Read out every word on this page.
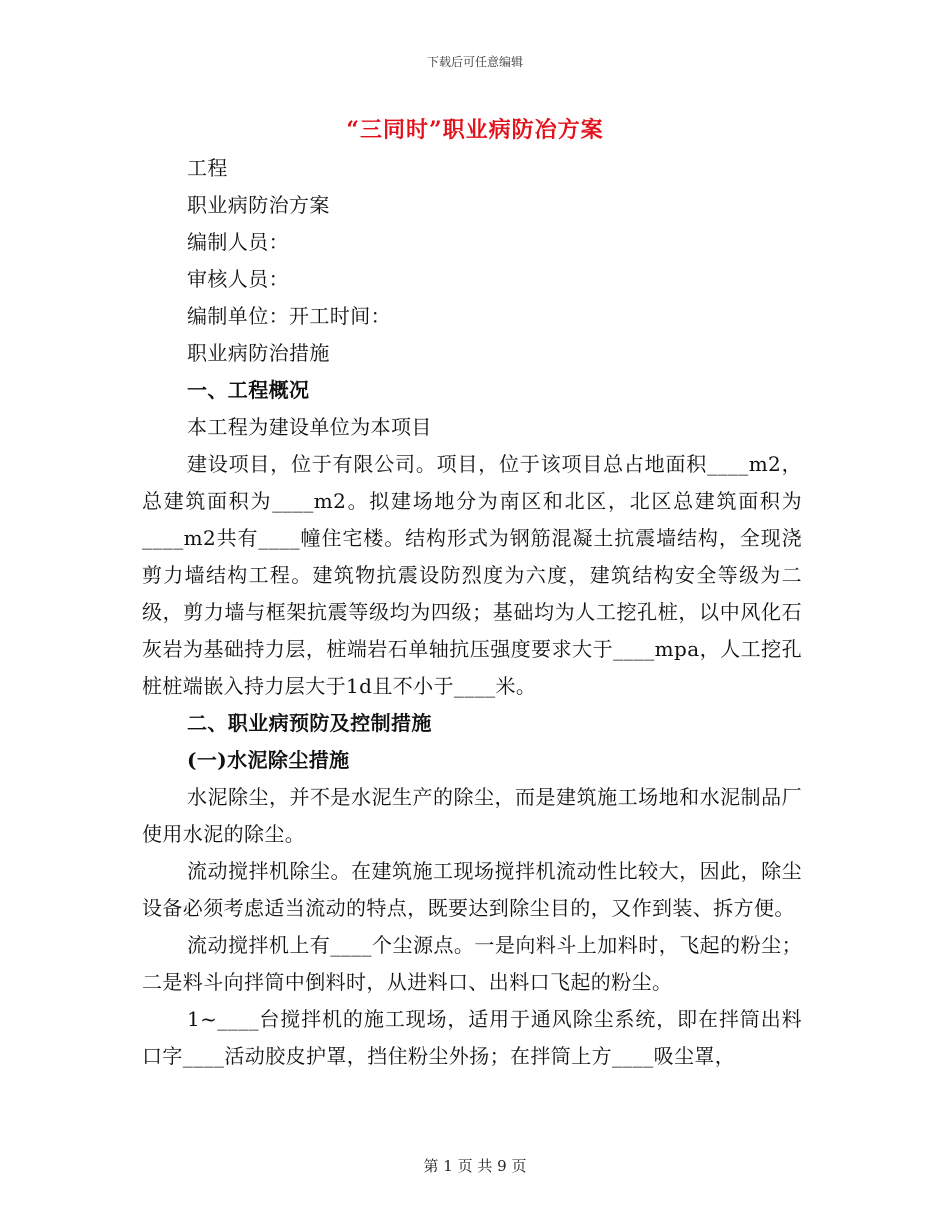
下载后可任意编辑
“三同时”职业病防冶方案

工程

职业病防治方案

编制人员：

审核人员：

编制单位：开工时间：

职业病防治措施

一、工程概况

本工程为建设单位为本项目

建设项目，位于有限公司。项目，位于该项目总占地面积____m2，总建筑面积为____m2。拟建场地分为南区和北区，北区总建筑面积为____m2共有____幢住宅楼。结构形式为钢筋混凝土抗震墙结构，全现浇剪力墙结构工程。建筑物抗震设防烈度为六度，建筑结构安全等级为二级，剪力墙与框架抗震等级均为四级；基础均为人工挖孔桩，以中风化石灰岩为基础持力层，桩端岩石单轴抗压强度要求大于____mpa，人工挖孔桩桩端嵌入持力层大于1d且不小于____米。

二、职业病预防及控制措施

(一)水泥除尘措施

水泥除尘，并不是水泥生产的除尘，而是建筑施工场地和水泥制品厂使用水泥的除尘。

流动搅拌机除尘。在建筑施工现场搅拌机流动性比较大，因此，除尘设备必须考虑适当流动的特点，既要达到除尘目的，又作到装、拆方便。

流动搅拌机上有____个尘源点。一是向料斗上加料时，飞起的粉尘；二是料斗向拌筒中倒料时，从进料口、出料口飞起的粉尘。

1~____台搅拌机的施工现场，适用于通风除尘系统，即在拌筒出料口字____活动胶皮护罩，挡住粉尘外扬；在拌筒上方____吸尘罩，

第 1 页 共 9 页
